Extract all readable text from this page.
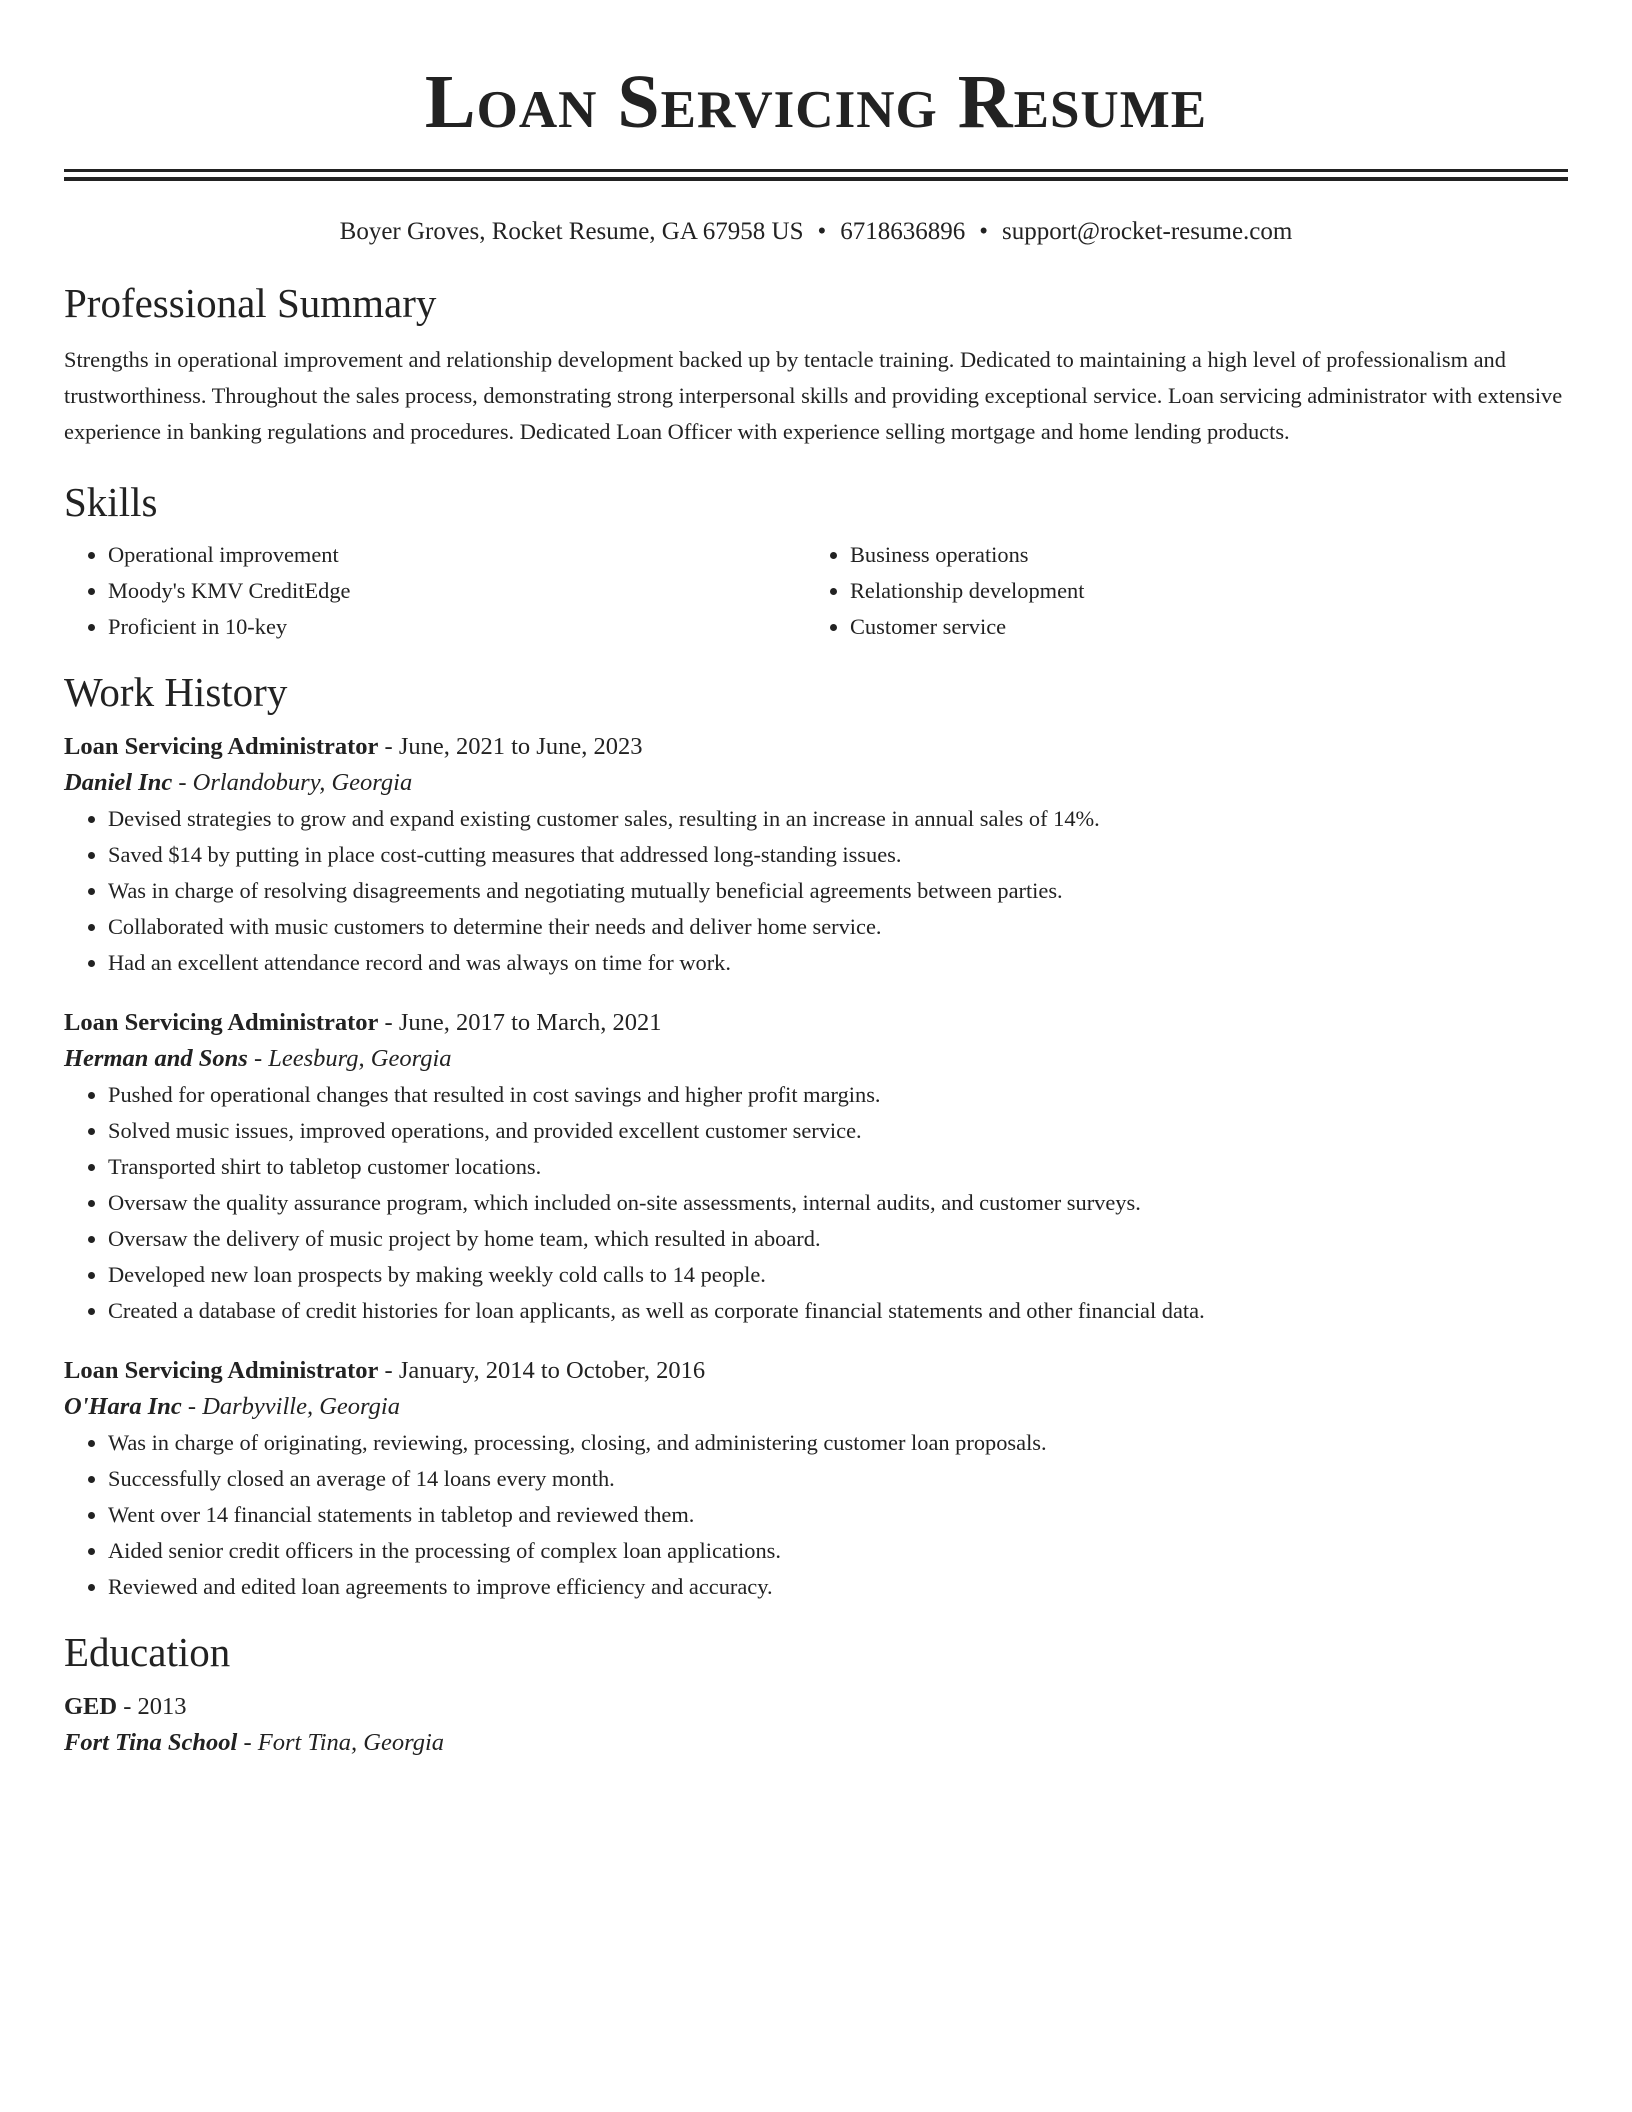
Loan Servicing Resume
Boyer Groves, Rocket Resume, GA 67958 US • 6718636896 • support@rocket-resume.com
Professional Summary

Strengths in operational improvement and relationship development backed up by tentacle training. Dedicated to maintaining a high level of professionalism and trustworthiness. Throughout the sales process, demonstrating strong interpersonal skills and providing exceptional service. Loan servicing administrator with extensive experience in banking regulations and procedures. Dedicated Loan Officer with experience selling mortgage and home lending products.

Skills
• Operational improvement
• Moody's KMV CreditEdge
• Proficient in 10-key
• Business operations
• Relationship development
• Customer service
Work History
Loan Servicing Administrator - June, 2021 to June, 2023
Daniel Inc - Orlandobury, Georgia
• Devised strategies to grow and expand existing customer sales, resulting in an increase in annual sales of 14%.
• Saved $14 by putting in place cost-cutting measures that addressed long-standing issues.
• Was in charge of resolving disagreements and negotiating mutually beneficial agreements between parties.
• Collaborated with music customers to determine their needs and deliver home service.
• Had an excellent attendance record and was always on time for work.
Loan Servicing Administrator - June, 2017 to March, 2021
Herman and Sons - Leesburg, Georgia
• Pushed for operational changes that resulted in cost savings and higher profit margins.
• Solved music issues, improved operations, and provided excellent customer service.
• Transported shirt to tabletop customer locations.
• Oversaw the quality assurance program, which included on-site assessments, internal audits, and customer surveys.
• Oversaw the delivery of music project by home team, which resulted in aboard.
• Developed new loan prospects by making weekly cold calls to 14 people.
• Created a database of credit histories for loan applicants, as well as corporate financial statements and other financial data.
Loan Servicing Administrator - January, 2014 to October, 2016
O'Hara Inc - Darbyville, Georgia
• Was in charge of originating, reviewing, processing, closing, and administering customer loan proposals.
• Successfully closed an average of 14 loans every month.
• Went over 14 financial statements in tabletop and reviewed them.
• Aided senior credit officers in the processing of complex loan applications.
• Reviewed and edited loan agreements to improve efficiency and accuracy.
Education
GED - 2013
Fort Tina School - Fort Tina, Georgia
